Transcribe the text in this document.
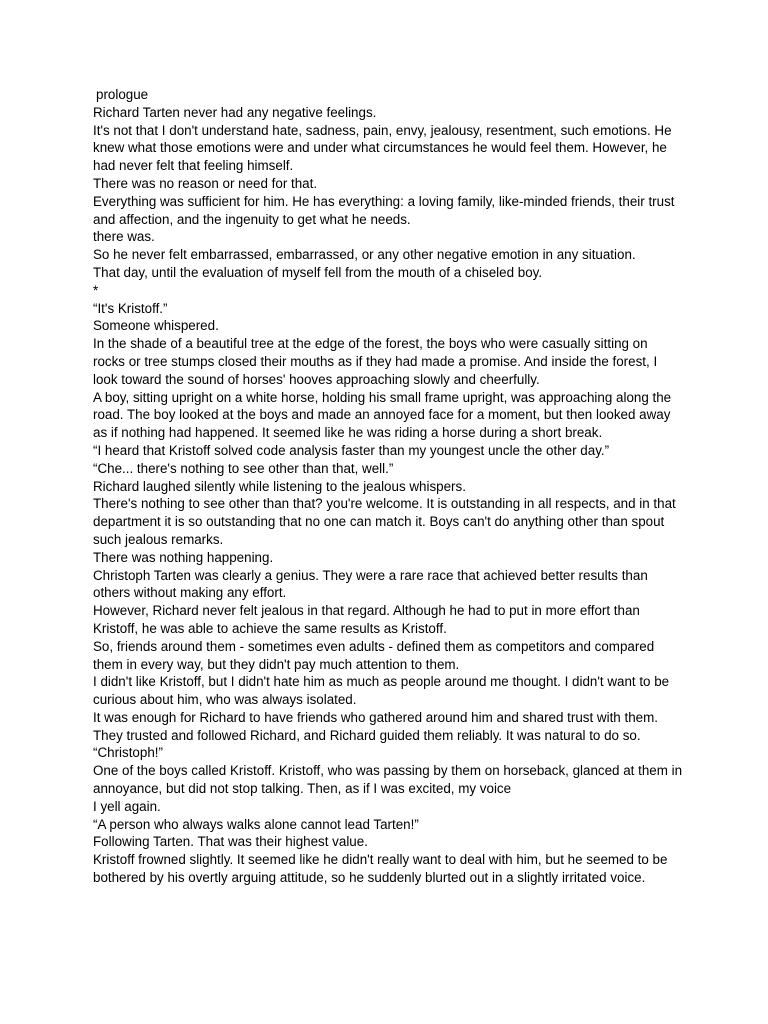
prologue

Richard Tarten never had any negative feelings.

It's not that I don't understand hate, sadness, pain, envy, jealousy, resentment, such emotions. He knew what those emotions were and under what circumstances he would feel them. However, he had never felt that feeling himself.

There was no reason or need for that.

Everything was sufficient for him. He has everything: a loving family, like-minded friends, their trust and affection, and the ingenuity to get what he needs.

there was.

So he never felt embarrassed, embarrassed, or any other negative emotion in any situation.

That day, until the evaluation of myself fell from the mouth of a chiseled boy.

*

“It's Kristoff.”

Someone whispered.

In the shade of a beautiful tree at the edge of the forest, the boys who were casually sitting on rocks or tree stumps closed their mouths as if they had made a promise. And inside the forest, I look toward the sound of horses' hooves approaching slowly and cheerfully.

A boy, sitting upright on a white horse, holding his small frame upright, was approaching along the road. The boy looked at the boys and made an annoyed face for a moment, but then looked away as if nothing had happened. It seemed like he was riding a horse during a short break.

“I heard that Kristoff solved code analysis faster than my youngest uncle the other day.”

“Che... there's nothing to see other than that, well.”

Richard laughed silently while listening to the jealous whispers.

There's nothing to see other than that? you're welcome. It is outstanding in all respects, and in that department it is so outstanding that no one can match it. Boys can't do anything other than spout such jealous remarks.

There was nothing happening.

Christoph Tarten was clearly a genius. They were a rare race that achieved better results than others without making any effort.

However, Richard never felt jealous in that regard. Although he had to put in more effort than Kristoff, he was able to achieve the same results as Kristoff.

So, friends around them - sometimes even adults - defined them as competitors and compared them in every way, but they didn't pay much attention to them.

I didn't like Kristoff, but I didn't hate him as much as people around me thought. I didn't want to be curious about him, who was always isolated.

It was enough for Richard to have friends who gathered around him and shared trust with them. They trusted and followed Richard, and Richard guided them reliably. It was natural to do so.

“Christoph!”

One of the boys called Kristoff. Kristoff, who was passing by them on horseback, glanced at them in annoyance, but did not stop talking. Then, as if I was excited, my voice

I yell again.

“A person who always walks alone cannot lead Tarten!”

Following Tarten. That was their highest value.

Kristoff frowned slightly. It seemed like he didn't really want to deal with him, but he seemed to be bothered by his overtly arguing attitude, so he suddenly blurted out in a slightly irritated voice.
